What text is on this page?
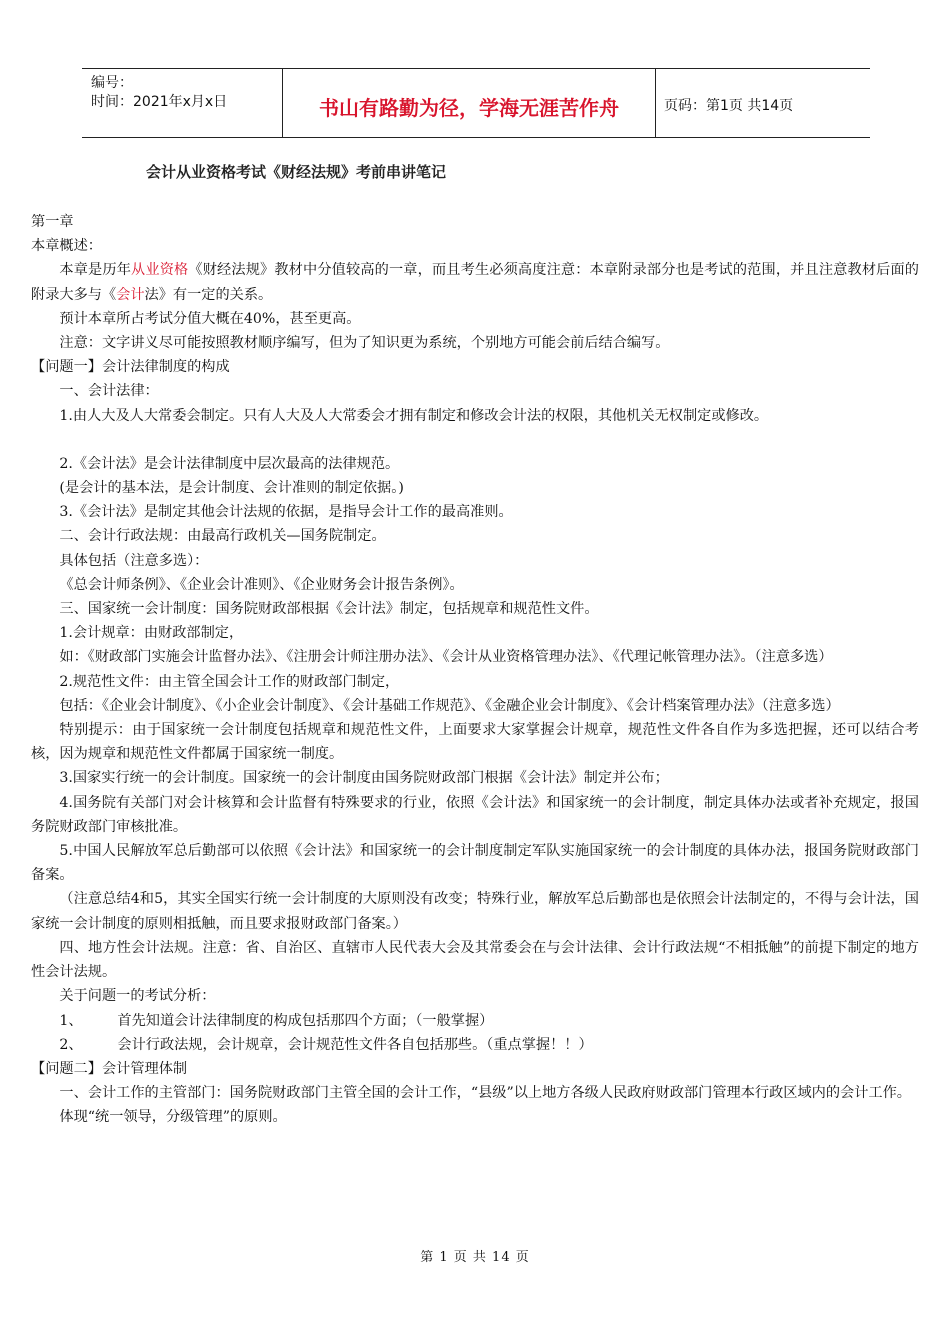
编号：
时间：2021年x月x日	书山有路勤为径，学海无涯苦作舟	页码：第1页 共14页
会计从业资格考试《财经法规》考前串讲笔记

第一章

本章概述：

本章是历年从业资格《财经法规》教材中分值较高的一章，而且考生必须高度注意：本章附录部分也是考试的范围，并且注意教材后面的附录大多与《会计法》有一定的关系。

预计本章所占考试分值大概在40%，甚至更高。

注意：文字讲义尽可能按照教材顺序编写，但为了知识更为系统，个别地方可能会前后结合编写。

【问题一】会计法律制度的构成

一、会计法律：

1.由人大及人大常委会制定。只有人大及人大常委会才拥有制定和修改会计法的权限，其他机关无权制定或修改。

2.《会计法》是会计法律制度中层次最高的法律规范。

(是会计的基本法，是会计制度、会计准则的制定依据。)

3.《会计法》是制定其他会计法规的依据，是指导会计工作的最高准则。

二、会计行政法规：由最高行政机关—国务院制定。

具体包括（注意多选）：

《总会计师条例》、《企业会计准则》、《企业财务会计报告条例》。

三、国家统一会计制度：国务院财政部根据《会计法》制定，包括规章和规范性文件。

1.会计规章：由财政部制定，

如：《财政部门实施会计监督办法》、《注册会计师注册办法》、《会计从业资格管理办法》、《代理记帐管理办法》。（注意多选）

2.规范性文件：由主管全国会计工作的财政部门制定，

包括：《企业会计制度》、《小企业会计制度》、《会计基础工作规范》、《金融企业会计制度》、《会计档案管理办法》（注意多选）

特别提示：由于国家统一会计制度包括规章和规范性文件，上面要求大家掌握会计规章，规范性文件各自作为多选把握，还可以结合考核，因为规章和规范性文件都属于国家统一制度。

3.国家实行统一的会计制度。国家统一的会计制度由国务院财政部门根据《会计法》制定并公布；

4.国务院有关部门对会计核算和会计监督有特殊要求的行业，依照《会计法》和国家统一的会计制度，制定具体办法或者补充规定，报国务院财政部门审核批准。

5.中国人民解放军总后勤部可以依照《会计法》和国家统一的会计制度制定军队实施国家统一的会计制度的具体办法，报国务院财政部门备案。

（注意总结4和5，其实全国实行统一会计制度的大原则没有改变；特殊行业，解放军总后勤部也是依照会计法制定的，不得与会计法，国家统一会计制度的原则相抵触，而且要求报财政部门备案。）

四、地方性会计法规。注意：省、自治区、直辖市人民代表大会及其常委会在与会计法律、会计行政法规“不相抵触”的前提下制定的地方性会计法规。

关于问题一的考试分析：

1、 首先知道会计法律制度的构成包括那四个方面；（一般掌握）

2、 会计行政法规，会计规章，会计规范性文件各自包括那些。（重点掌握！！）

【问题二】会计管理体制

一、会计工作的主管部门：国务院财政部门主管全国的会计工作，“县级”以上地方各级人民政府财政部门管理本行政区域内的会计工作。

体现“统一领导，分级管理”的原则。

第 1 页 共 14 页
